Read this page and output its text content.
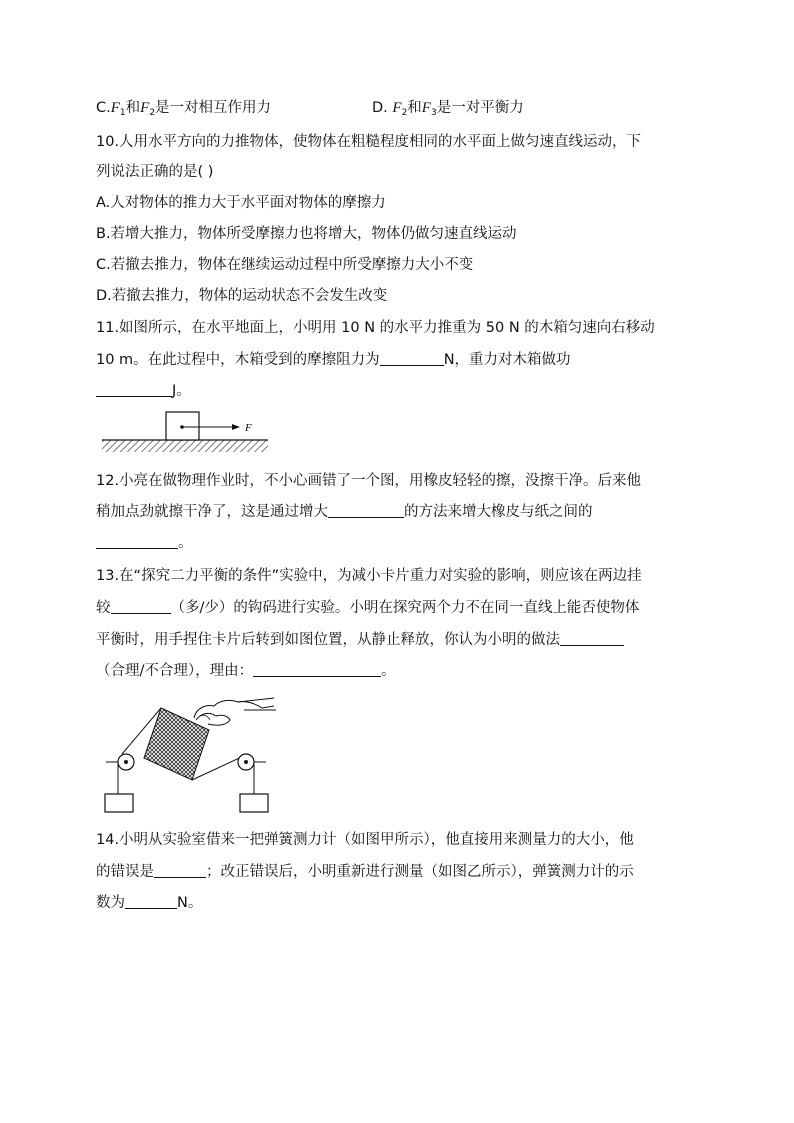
$C.F_1$和$F_2$是一对相互作用力	D. $F_2$和$F_3$是一对平衡力
10.人用水平方向的力推物体，使物体在粗糙程度相同的水平面上做匀速直线运动，下
列说法正确的是( )
A.人对物体的推力大于水平面对物体的摩擦力
B.若增大推力，物体所受摩擦力也将增大，物体仍做匀速直线运动
C.若撤去推力，物体在继续运动过程中所受摩擦力大小不变
D.若撤去推力，物体的运动状态不会发生改变
11.如图所示，在水平地面上，小明用 10 N 的水平力推重为 50 N 的木箱匀速向右移动
10 m。在此过程中，木箱受到的摩擦阻力为	N，重力对木箱做功
J。
F
12.小亮在做物理作业时，不小心画错了一个图，用橡皮轻轻的擦，没擦干净。后来他
稍加点劲就擦干净了，这是通过增大	的方法来增大橡皮与纸之间的
。
13.在“探究二力平衡的条件”实验中，为减小卡片重力对实验的影响，则应该在两边挂
较	（多/少）的钩码进行实验。小明在探究两个力不在同一直线上能否使物体
平衡时，用手捏住卡片后转到如图位置，从静止释放，你认为小明的做法
（合理/不合理），理由：	。
14.小明从实验室借来一把弹簧测力计（如图甲所示），他直接用来测量力的大小，他
的错误是	；改正错误后，小明重新进行测量（如图乙所示），弹簧测力计的示
数为	N。
